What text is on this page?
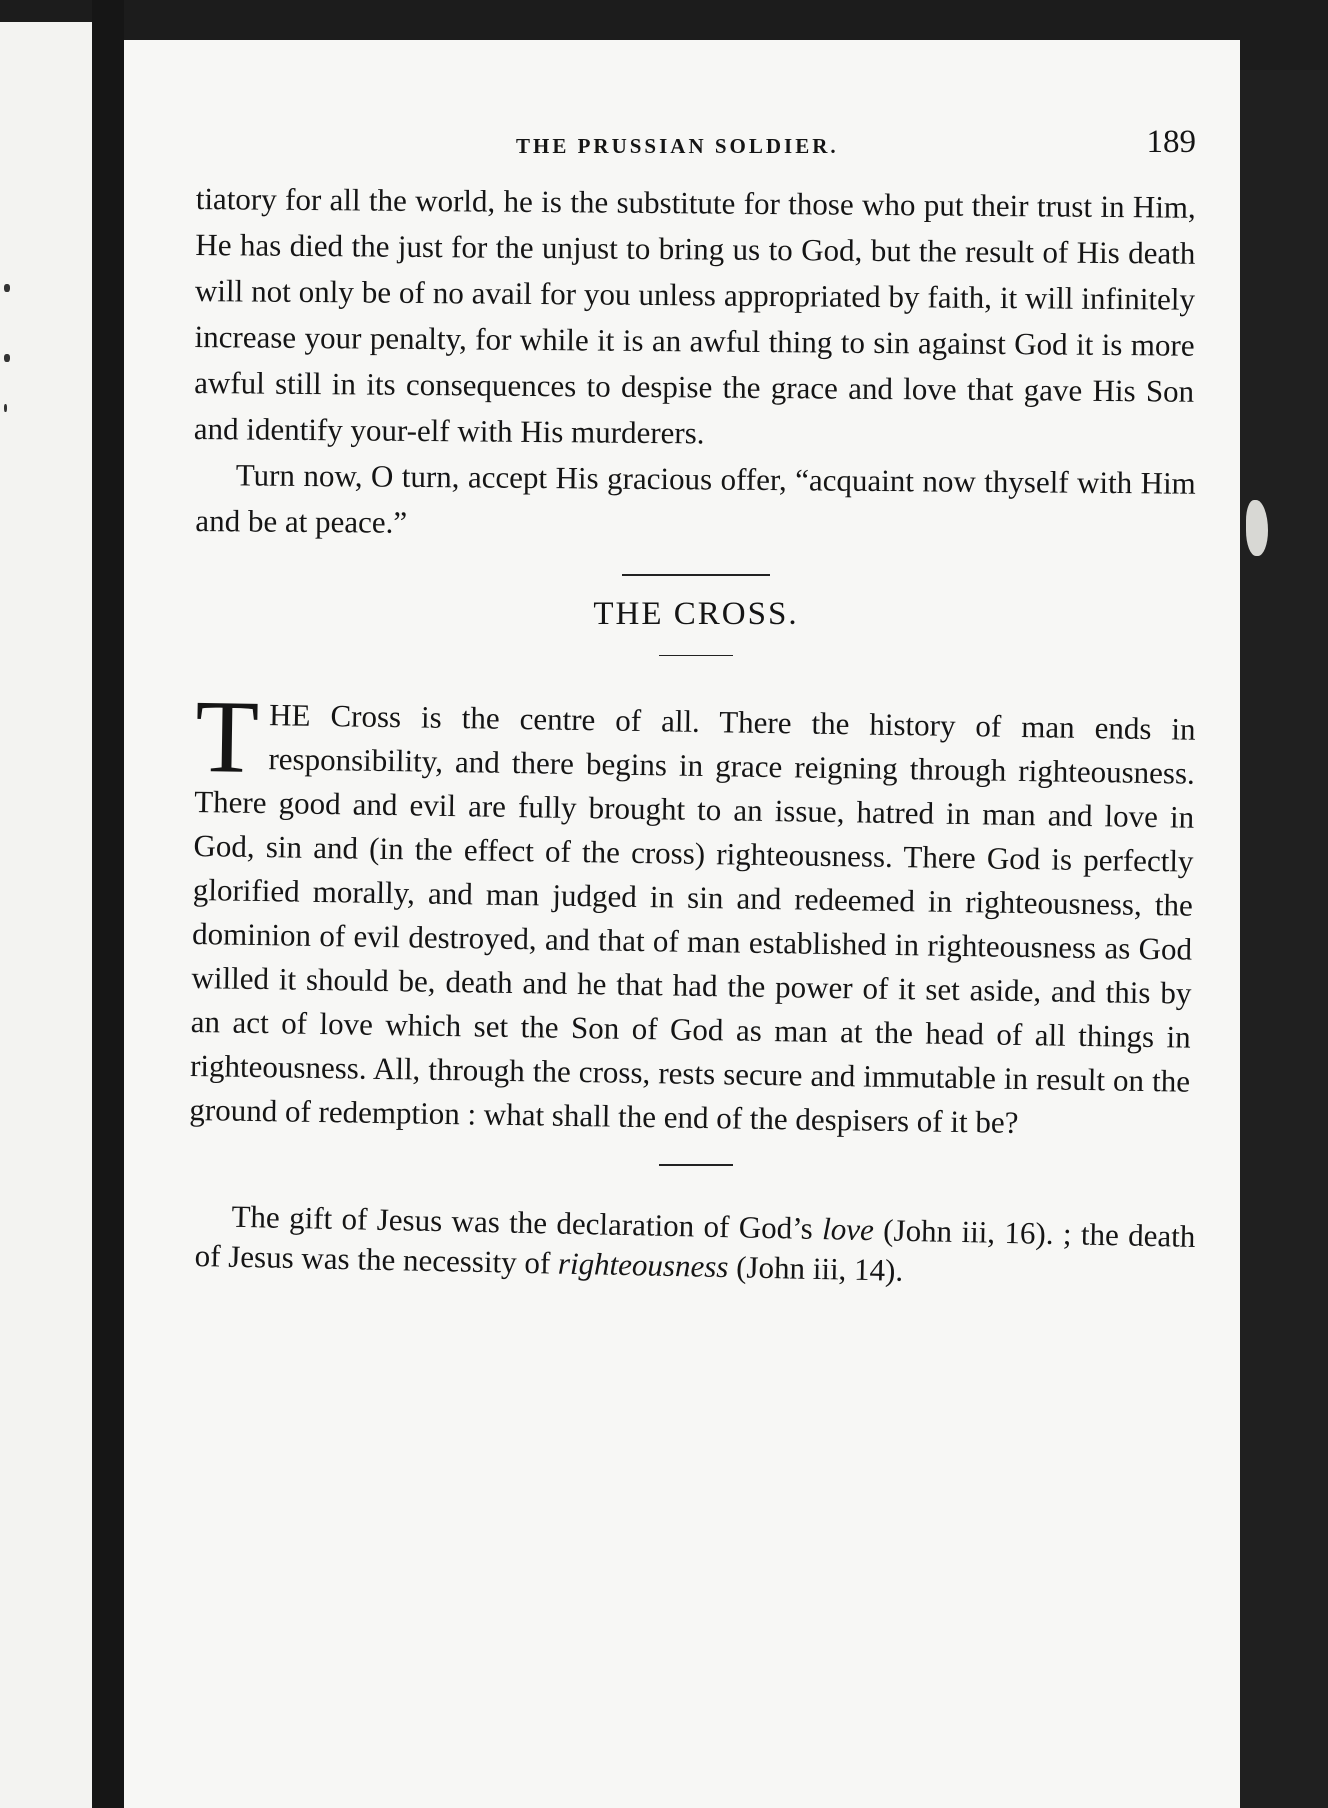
THE PRUSSIAN SOLDIER.	189

tiatory for all the world, he is the substitute for those who put their trust in Him, He has died the just for the unjust to bring us to God, but the result of His death will not only be of no avail for you unless appropriated by faith, it will infinitely increase your penalty, for while it is an awful thing to sin against God it is more awful still in its consequences to despise the grace and love that gave His Son and identify your-elf with His murderers.

Turn now, O turn, accept His gracious offer, “acquaint now thyself with Him and be at peace.”

THE CROSS.
THE Cross is the centre of all. There the history of man ends in responsibility, and there begins in grace reigning through righteousness. There good and evil are fully brought to an issue, hatred in man and love in God, sin and (in the effect of the cross) righteousness. There God is perfectly glorified morally, and man judged in sin and redeemed in righteousness, the dominion of evil destroyed, and that of man established in righteousness as God willed it should be, death and he that had the power of it set aside, and this by an act of love which set the Son of God as man at the head of all things in righteousness. All, through the cross, rests secure and immutable in result on the ground of redemption : what shall the end of the despisers of it be?
The gift of Jesus was the declaration of God’s love (John iii, 16). ; the death of Jesus was the necessity of righteousness (John iii, 14).
